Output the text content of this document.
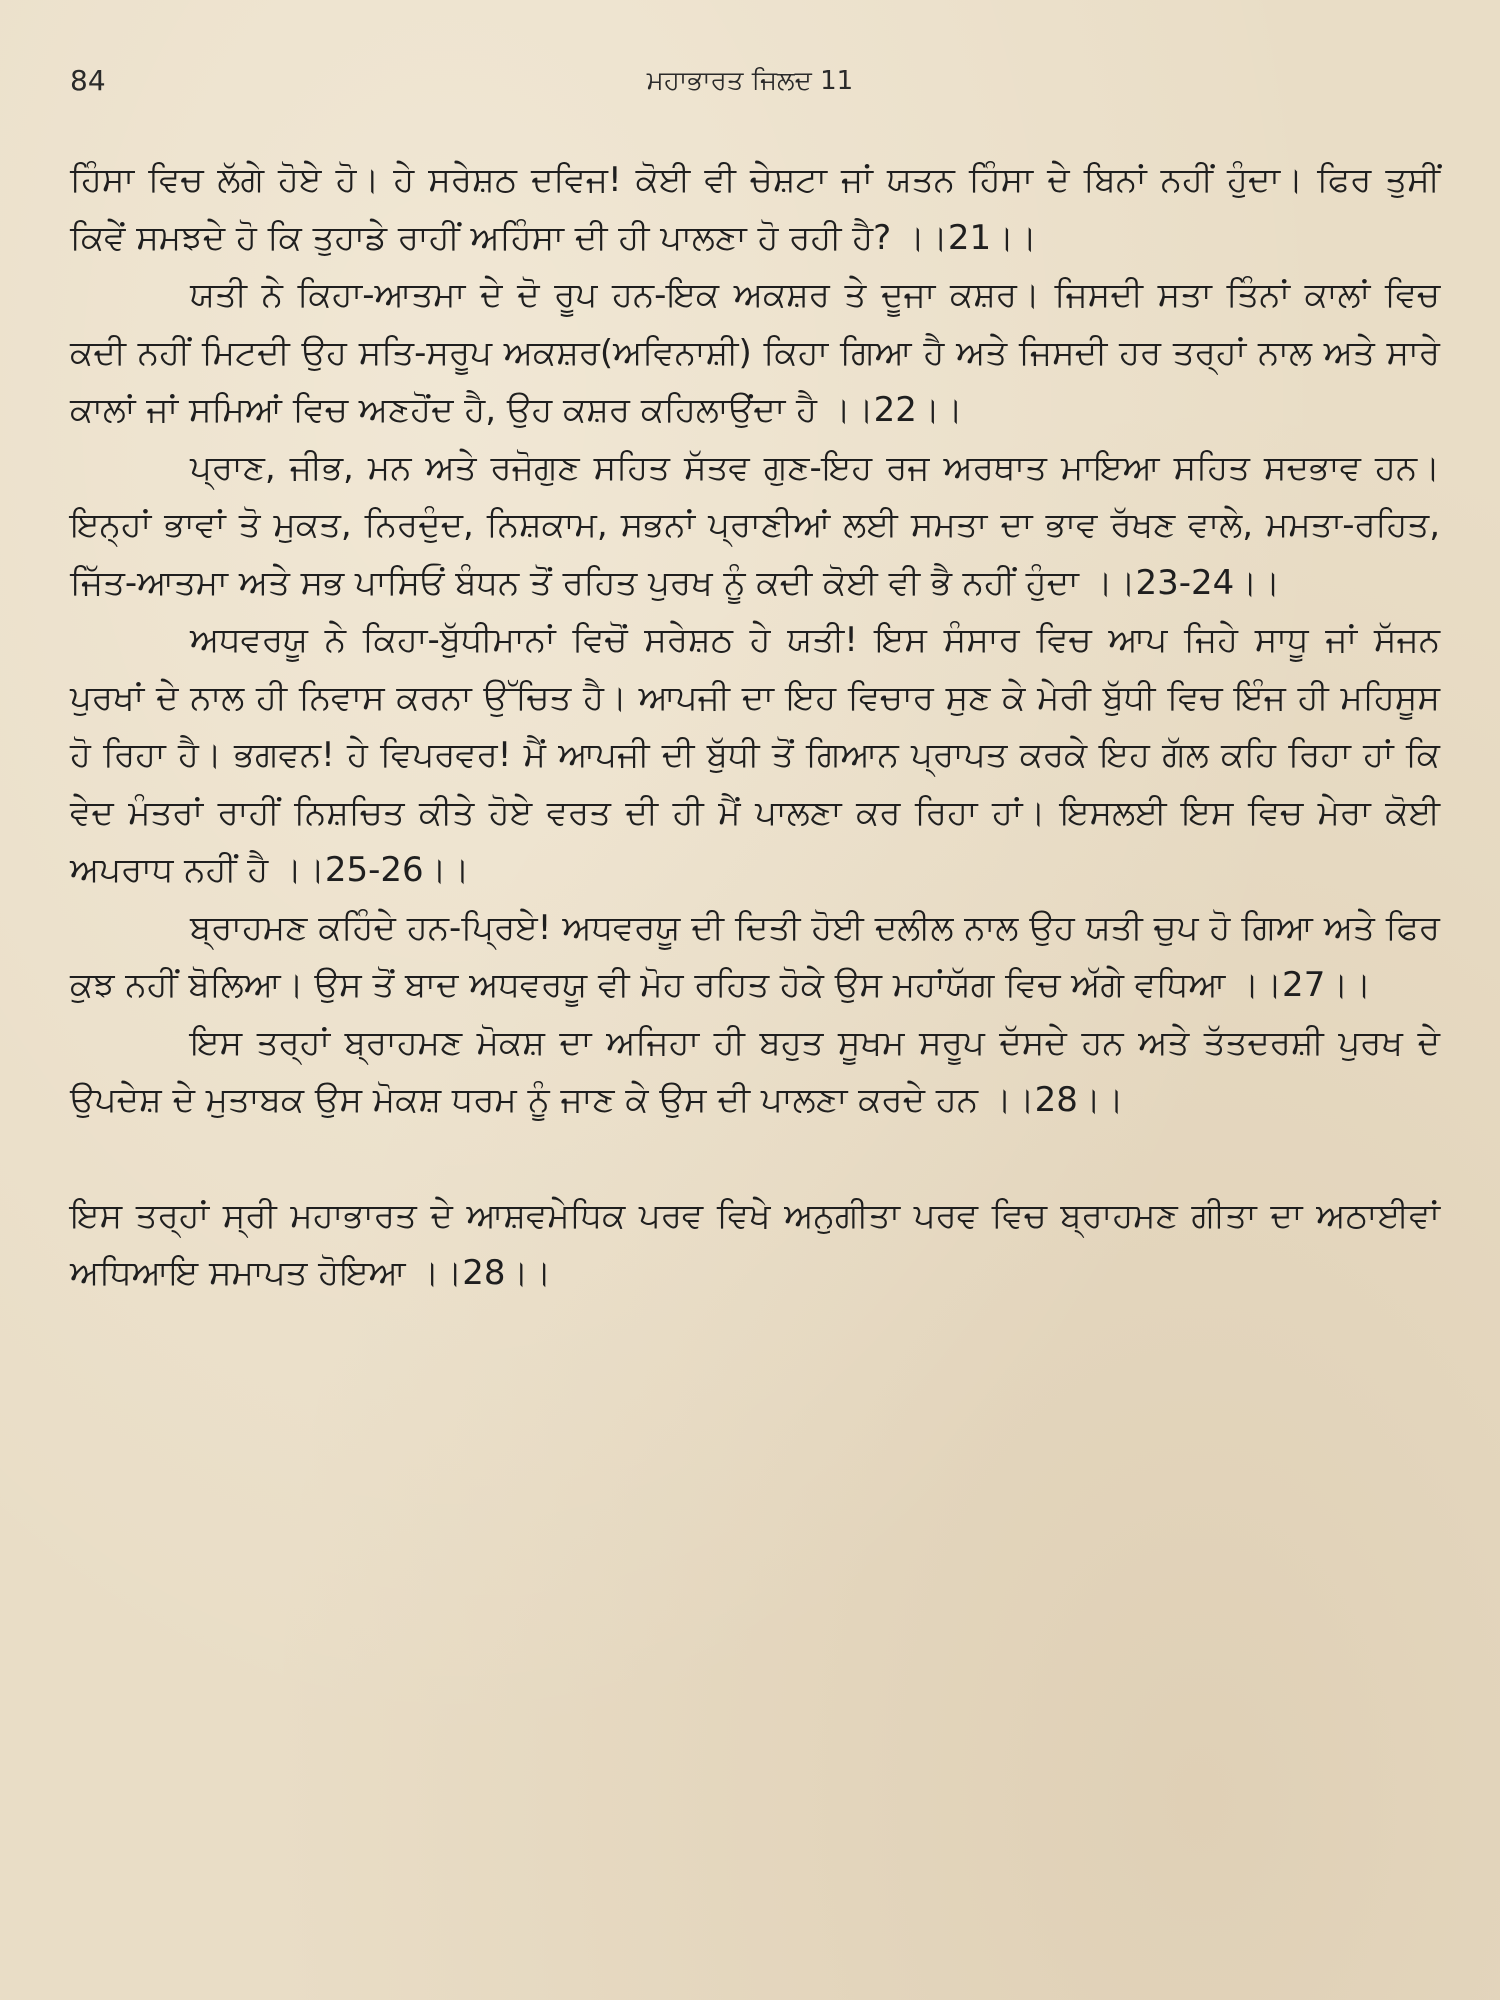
84	ਮਹਾਭਾਰਤ ਜਿਲਦ 11

ਹਿੰਸਾ ਵਿਚ ਲੱਗੇ ਹੋਏ ਹੋ। ਹੇ ਸਰੇਸ਼ਠ ਦਵਿਜ! ਕੋਈ ਵੀ ਚੇਸ਼ਟਾ ਜਾਂ ਯਤਨ ਹਿੰਸਾ ਦੇ ਬਿਨਾਂ ਨਹੀਂ ਹੁੰਦਾ। ਫਿਰ ਤੁਸੀਂ ਕਿਵੇਂ ਸਮਝਦੇ ਹੋ ਕਿ ਤੁਹਾਡੇ ਰਾਹੀਂ ਅਹਿੰਸਾ ਦੀ ਹੀ ਪਾਲਣਾ ਹੋ ਰਹੀ ਹੈ? ।।21।।

ਯਤੀ ਨੇ ਕਿਹਾ-ਆਤਮਾ ਦੇ ਦੋ ਰੂਪ ਹਨ-ਇਕ ਅਕਸ਼ਰ ਤੇ ਦੂਜਾ ਕਸ਼ਰ। ਜਿਸਦੀ ਸਤਾ ਤਿੰਨਾਂ ਕਾਲਾਂ ਵਿਚ ਕਦੀ ਨਹੀਂ ਮਿਟਦੀ ਉਹ ਸਤਿ-ਸਰੂਪ ਅਕਸ਼ਰ(ਅਵਿਨਾਸ਼ੀ) ਕਿਹਾ ਗਿਆ ਹੈ ਅਤੇ ਜਿਸਦੀ ਹਰ ਤਰ੍ਹਾਂ ਨਾਲ ਅਤੇ ਸਾਰੇ ਕਾਲਾਂ ਜਾਂ ਸਮਿਆਂ ਵਿਚ ਅਣਹੋਂਦ ਹੈ, ਉਹ ਕਸ਼ਰ ਕਹਿਲਾਉਂਦਾ ਹੈ ।।22।।

ਪ੍ਰਾਣ, ਜੀਭ, ਮਨ ਅਤੇ ਰਜੋਗੁਣ ਸਹਿਤ ਸੱਤਵ ਗੁਣ-ਇਹ ਰਜ ਅਰਥਾਤ ਮਾਇਆ ਸਹਿਤ ਸਦਭਾਵ ਹਨ। ਇਨ੍ਹਾਂ ਭਾਵਾਂ ਤੋ ਮੁਕਤ, ਨਿਰਦੁੰਦ, ਨਿਸ਼ਕਾਮ, ਸਭਨਾਂ ਪ੍ਰਾਣੀਆਂ ਲਈ ਸਮਤਾ ਦਾ ਭਾਵ ਰੱਖਣ ਵਾਲੇ, ਮਮਤਾ-ਰਹਿਤ, ਜਿੱਤ-ਆਤਮਾ ਅਤੇ ਸਭ ਪਾਸਿਓਂ ਬੰਧਨ ਤੋਂ ਰਹਿਤ ਪੁਰਖ ਨੂੰ ਕਦੀ ਕੋਈ ਵੀ ਭੈ ਨਹੀਂ ਹੁੰਦਾ ।।23-24।।

ਅਧਵਰਯੂ ਨੇ ਕਿਹਾ-ਬੁੱਧੀਮਾਨਾਂ ਵਿਚੋਂ ਸਰੇਸ਼ਠ ਹੇ ਯਤੀ! ਇਸ ਸੰਸਾਰ ਵਿਚ ਆਪ ਜਿਹੇ ਸਾਧੂ ਜਾਂ ਸੱਜਨ ਪੁਰਖਾਂ ਦੇ ਨਾਲ ਹੀ ਨਿਵਾਸ ਕਰਨਾ ਉੱਚਿਤ ਹੈ। ਆਪਜੀ ਦਾ ਇਹ ਵਿਚਾਰ ਸੁਣ ਕੇ ਮੇਰੀ ਬੁੱਧੀ ਵਿਚ ਇੰਜ ਹੀ ਮਹਿਸੂਸ ਹੋ ਰਿਹਾ ਹੈ। ਭਗਵਨ! ਹੇ ਵਿਪਰਵਰ! ਮੈਂ ਆਪਜੀ ਦੀ ਬੁੱਧੀ ਤੋਂ ਗਿਆਨ ਪ੍ਰਾਪਤ ਕਰਕੇ ਇਹ ਗੱਲ ਕਹਿ ਰਿਹਾ ਹਾਂ ਕਿ ਵੇਦ ਮੰਤਰਾਂ ਰਾਹੀਂ ਨਿਸ਼ਚਿਤ ਕੀਤੇ ਹੋਏ ਵਰਤ ਦੀ ਹੀ ਮੈਂ ਪਾਲਣਾ ਕਰ ਰਿਹਾ ਹਾਂ। ਇਸਲਈ ਇਸ ਵਿਚ ਮੇਰਾ ਕੋਈ ਅਪਰਾਧ ਨਹੀਂ ਹੈ ।।25-26।।

ਬ੍ਰਾਹਮਣ ਕਹਿੰਦੇ ਹਨ-ਪ੍ਰਿਏ! ਅਧਵਰਯੂ ਦੀ ਦਿਤੀ ਹੋਈ ਦਲੀਲ ਨਾਲ ਉਹ ਯਤੀ ਚੁਪ ਹੋ ਗਿਆ ਅਤੇ ਫਿਰ ਕੁਝ ਨਹੀਂ ਬੋਲਿਆ। ਉਸ ਤੋਂ ਬਾਦ ਅਧਵਰਯੂ ਵੀ ਮੋਹ ਰਹਿਤ ਹੋਕੇ ਉਸ ਮਹਾਂਯੱਗ ਵਿਚ ਅੱਗੇ ਵਧਿਆ ।।27।।

ਇਸ ਤਰ੍ਹਾਂ ਬ੍ਰਾਹਮਣ ਮੋਕਸ਼ ਦਾ ਅਜਿਹਾ ਹੀ ਬਹੁਤ ਸੂਖਮ ਸਰੂਪ ਦੱਸਦੇ ਹਨ ਅਤੇ ਤੱਤਦਰਸ਼ੀ ਪੁਰਖ ਦੇ ਉਪਦੇਸ਼ ਦੇ ਮੁਤਾਬਕ ਉਸ ਮੋਕਸ਼ ਧਰਮ ਨੂੰ ਜਾਣ ਕੇ ਉਸ ਦੀ ਪਾਲਣਾ ਕਰਦੇ ਹਨ ।।28।।

ਇਸ ਤਰ੍ਹਾਂ ਸ੍ਰੀ ਮਹਾਭਾਰਤ ਦੇ ਆਸ਼ਵਮੇਧਿਕ ਪਰਵ ਵਿਖੇ ਅਨੁਗੀਤਾ ਪਰਵ ਵਿਚ ਬ੍ਰਾਹਮਣ ਗੀਤਾ ਦਾ ਅਠਾਈਵਾਂ ਅਧਿਆਇ ਸਮਾਪਤ ਹੋਇਆ ।।28।।
